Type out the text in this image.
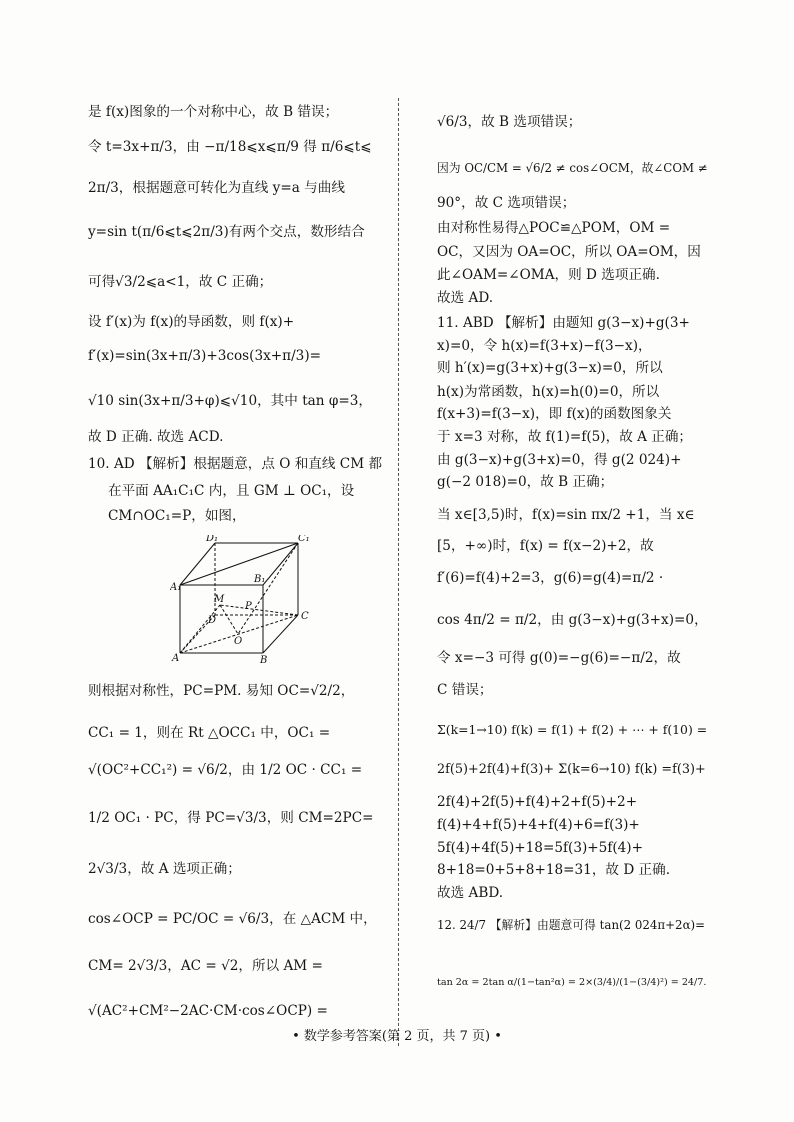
是 f(x)图象的一个对称中心，故 B 错误；
令 t=3x+π/3，由 −π/18⩽x⩽π/9 得 π/6⩽t⩽
2π/3，根据题意可转化为直线 y=a 与曲线
y=sin t(π/6⩽t⩽2π/3)有两个交点，数形结合
可得√3/2⩽a<1，故 C 正确；
设 f′(x)为 f(x)的导函数，则 f(x)+
f′(x)=sin(3x+π/3)+3cos(3x+π/3)=
√10 sin(3x+π/3+φ)⩽√10，其中 tan φ=3，
故 D 正确. 故选 ACD.
10. AD 【解析】根据题意，点 O 和直线 CM 都
在平面 AA₁C₁C 内，且 GM ⊥ OC₁，设
CM∩OC₁=P，如图，
则根据对称性，PC=PM. 易知 OC=√2/2，
CC₁ = 1，则在 Rt △OCC₁ 中，OC₁ =
√(OC²+CC₁²) = √6/2，由 1/2 OC · CC₁ =
1/2 OC₁ · PC，得 PC=√3/3，则 CM=2PC=
2√3/3，故 A 选项正确；
cos∠OCP = PC/OC = √6/3，在 △ACM 中，
CM= 2√3/3，AC = √2，所以 AM =
√(AC²+CM²−2AC·CM·cos∠OCP) =
√6/3，故 B 选项错误；
因为 OC/CM = √6/2 ≠ cos∠OCM，故∠COM ≠
90°，故 C 选项错误；
由对称性易得△POC≌△POM，OM =
OC，又因为 OA=OC，所以 OA=OM，因
此∠OAM=∠OMA，则 D 选项正确.
故选 AD.
11. ABD 【解析】由题知 g(3−x)+g(3+
x)=0，令 h(x)=f(3+x)−f(3−x)，
则 h′(x)=g(3+x)+g(3−x)=0，所以
h(x)为常函数，h(x)=h(0)=0，所以
f(x+3)=f(3−x)，即 f(x)的函数图象关
于 x=3 对称，故 f(1)=f(5)，故 A 正确；
由 g(3−x)+g(3+x)=0，得 g(2 024)+
g(−2 018)=0，故 B 正确；
当 x∈[3,5)时，f(x)=sin πx/2 +1，当 x∈
[5，+∞)时，f(x) = f(x−2)+2，故
f′(6)=f(4)+2=3，g(6)=g(4)=π/2 ·
cos 4π/2 = π/2，由 g(3−x)+g(3+x)=0，
令 x=−3 可得 g(0)=−g(6)=−π/2，故
C 错误；
Σ(k=1→10) f(k) = f(1) + f(2) + ⋯ + f(10) =
2f(5)+2f(4)+f(3)+ Σ(k=6→10) f(k) =f(3)+
2f(4)+2f(5)+f(4)+2+f(5)+2+
f(4)+4+f(5)+4+f(4)+6=f(3)+
5f(4)+4f(5)+18=5f(3)+5f(4)+
8+18=0+5+8+18=31，故 D 正确.
故选 ABD.
12. 24/7 【解析】由题意可得 tan(2 024π+2α)=
tan 2α = 2tan α/(1−tan²α) = 2×(3/4)/(1−(3/4)²) = 24/7.
D₁	C₁
A₁
B₁
M
P
D	C
O
A	B
• 数学参考答案(第 2 页，共 7 页) •
